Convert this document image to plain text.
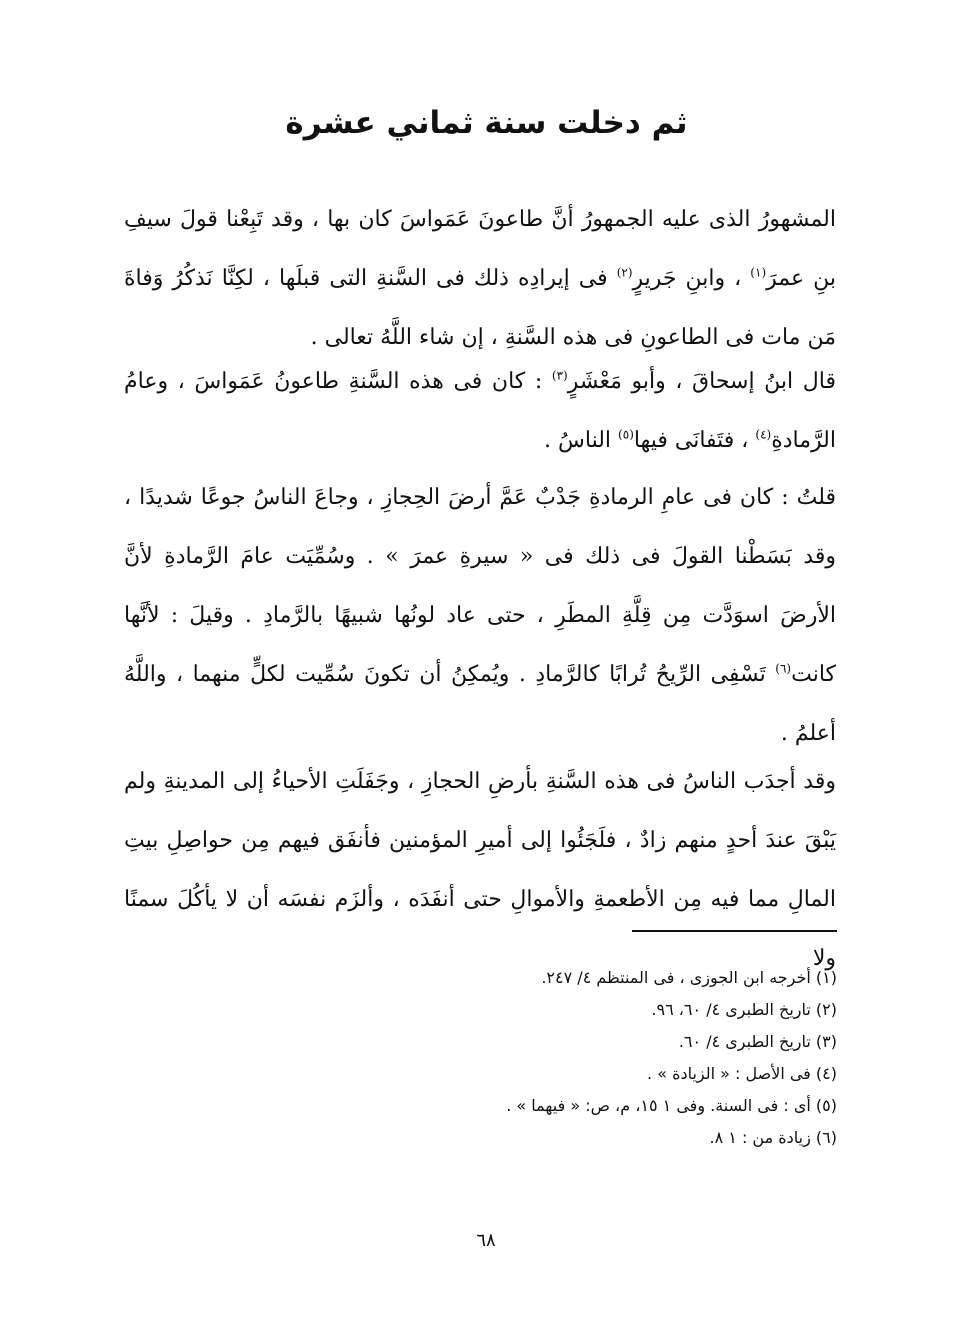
ثم دخلت سنة ثماني عشرة

المشهورُ الذى عليه الجمهورُ أنَّ طاعونَ عَمَواسَ كان بها ، وقد تَبِعْنا قولَ سيفِ بنِ عمرَ$^{(١)}$ ، وابنِ جَريرٍ$^{(٢)}$ فى إيرادِه ذلك فى السَّنةِ التى قبلَها ، لكِنَّا نَذكُرُ وَفاةَ مَن مات فى الطاعونِ فى هذه السَّنةِ ، إن شاء اللَّهُ تعالى .

قال ابنُ إسحاقَ ، وأبو مَعْشَرٍ$^{(٣)}$ : كان فى هذه السَّنةِ طاعونُ عَمَواسَ ، وعامُ الرَّمادةِ$^{(٤)}$ ، فتَفانَى فيها$^{(٥)}$ الناسُ .

قلتُ : كان فى عامِ الرمادةِ جَدْبٌ عَمَّ أرضَ الحِجازِ ، وجاعَ الناسُ جوعًا شديدًا ، وقد بَسَطْنا القولَ فى ذلك فى « سيرةِ عمرَ » . وسُمِّيَت عامَ الرَّمادةِ لأنَّ الأرضَ اسوَدَّت مِن قِلَّةِ المطَرِ ، حتى عاد لونُها شبيهًا بالرَّمادِ . وقيلَ : لأنَّها كانت$^{(٦)}$ تَسْفِى الرِّيحُ تُرابًا كالرَّمادِ . ويُمكِنُ أن تكونَ سُمِّيت لكلٍّ منهما ، واللَّهُ أعلمُ .

وقد أجدَب الناسُ فى هذه السَّنةِ بأرضِ الحجازِ ، وجَفَلَتِ الأحياءُ إلى المدينةِ ولم يَبْقَ عندَ أحدٍ منهم زادٌ ، فلَجَئُوا إلى أميرِ المؤمنين فأنفَق فيهم مِن حواصِلِ بيتِ المالِ مما فيه مِن الأطعمةِ والأموالِ حتى أنفَدَه ، وألزَم نفسَه أن لا يأكُلَ سمنًا ولا

(١) أخرجه ابن الجوزى ، فى المنتظم ٤/ ٢٤٧.
(٢) تاريخ الطبرى ٤/ ٦٠، ٩٦.
(٣) تاريخ الطبرى ٤/ ٦٠.
(٤) فى الأصل : « الزيادة » .
(٥) أى : فى السنة. وفى ١ ١٥، م، ص: « فيهما » .
(٦) زيادة من : ١ ٨.
٦٨
